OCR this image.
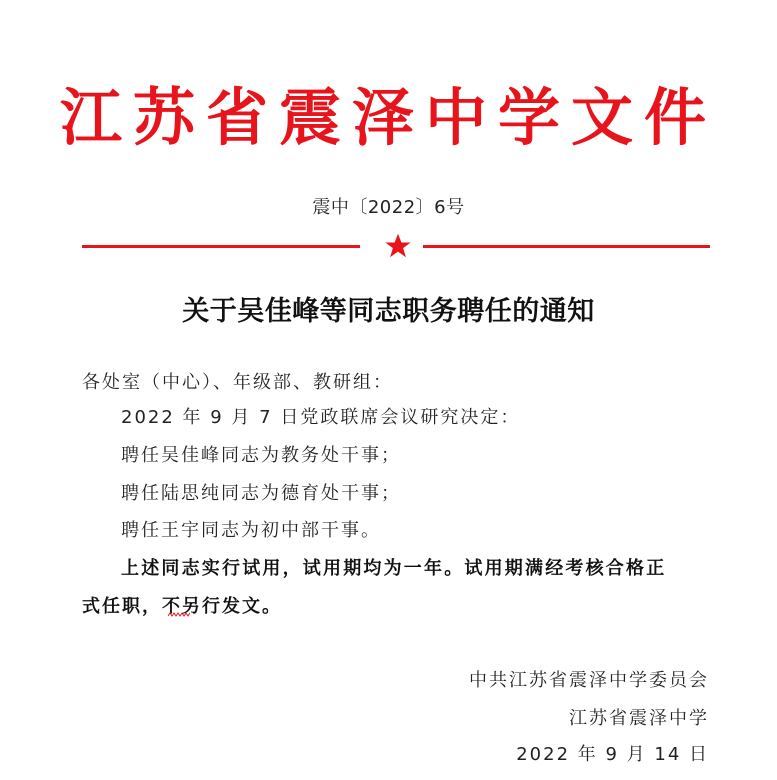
江苏省震泽中学文件
震中〔2022〕6号
关于吴佳峰等同志职务聘任的通知
各处室（中心）、年级部、教研组：
2022 年 9 月 7 日党政联席会议研究决定：
聘任吴佳峰同志为教务处干事；
聘任陆思纯同志为德育处干事；
聘任王宇同志为初中部干事。
上述同志实行试用，试用期均为一年。试用期满经考核合格正
式任职，不另行发文。
中共江苏省震泽中学委员会
江苏省震泽中学
2022 年 9 月 14 日
